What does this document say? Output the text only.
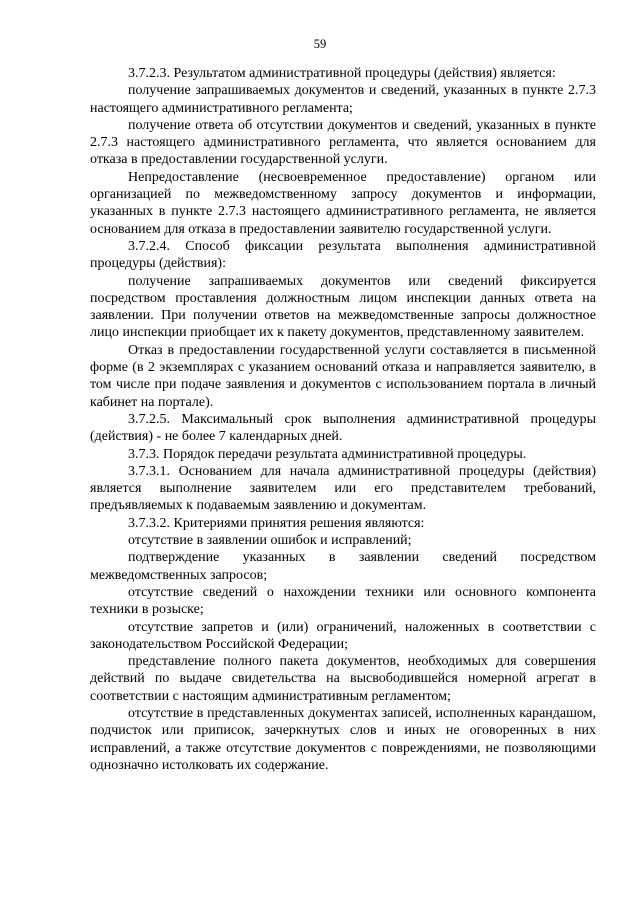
59

3.7.2.3. Результатом административной процедуры (действия) является:

получение запрашиваемых документов и сведений, указанных в пункте 2.7.3 настоящего административного регламента;

получение ответа об отсутствии документов и сведений, указанных в пункте 2.7.3 настоящего административного регламента, что является основанием для отказа в предоставлении государственной услуги.

Непредоставление (несвоевременное предоставление) органом или организацией по межведомственному запросу документов и информации, указанных в пункте 2.7.3 настоящего административного регламента, не является основанием для отказа в предоставлении заявителю государственной услуги.

3.7.2.4. Способ фиксации результата выполнения административной процедуры (действия):

получение запрашиваемых документов или сведений фиксируется посредством проставления должностным лицом инспекции данных ответа на заявлении. При получении ответов на межведомственные запросы должностное лицо инспекции приобщает их к пакету документов, представленному заявителем.

Отказ в предоставлении государственной услуги составляется в письменной форме (в 2 экземплярах с указанием оснований отказа и направляется заявителю, в том числе при подаче заявления и документов с использованием портала в личный кабинет на портале).

3.7.2.5. Максимальный срок выполнения административной процедуры (действия) - не более 7 календарных дней.

3.7.3. Порядок передачи результата административной процедуры.

3.7.3.1. Основанием для начала административной процедуры (действия) является выполнение заявителем или его представителем требований, предъявляемых к подаваемым заявлению и документам.

3.7.3.2. Критериями принятия решения являются:

отсутствие в заявлении ошибок и исправлений;

подтверждение указанных в заявлении сведений посредством межведомственных запросов;

отсутствие сведений о нахождении техники или основного компонента техники в розыске;

отсутствие запретов и (или) ограничений, наложенных в соответствии с законодательством Российской Федерации;

представление полного пакета документов, необходимых для совершения действий по выдаче свидетельства на высвободившейся номерной агрегат в соответствии с настоящим административным регламентом;

отсутствие в представленных документах записей, исполненных карандашом, подчисток или приписок, зачеркнутых слов и иных не оговоренных в них исправлений, а также отсутствие документов с повреждениями, не позволяющими однозначно истолковать их содержание.
